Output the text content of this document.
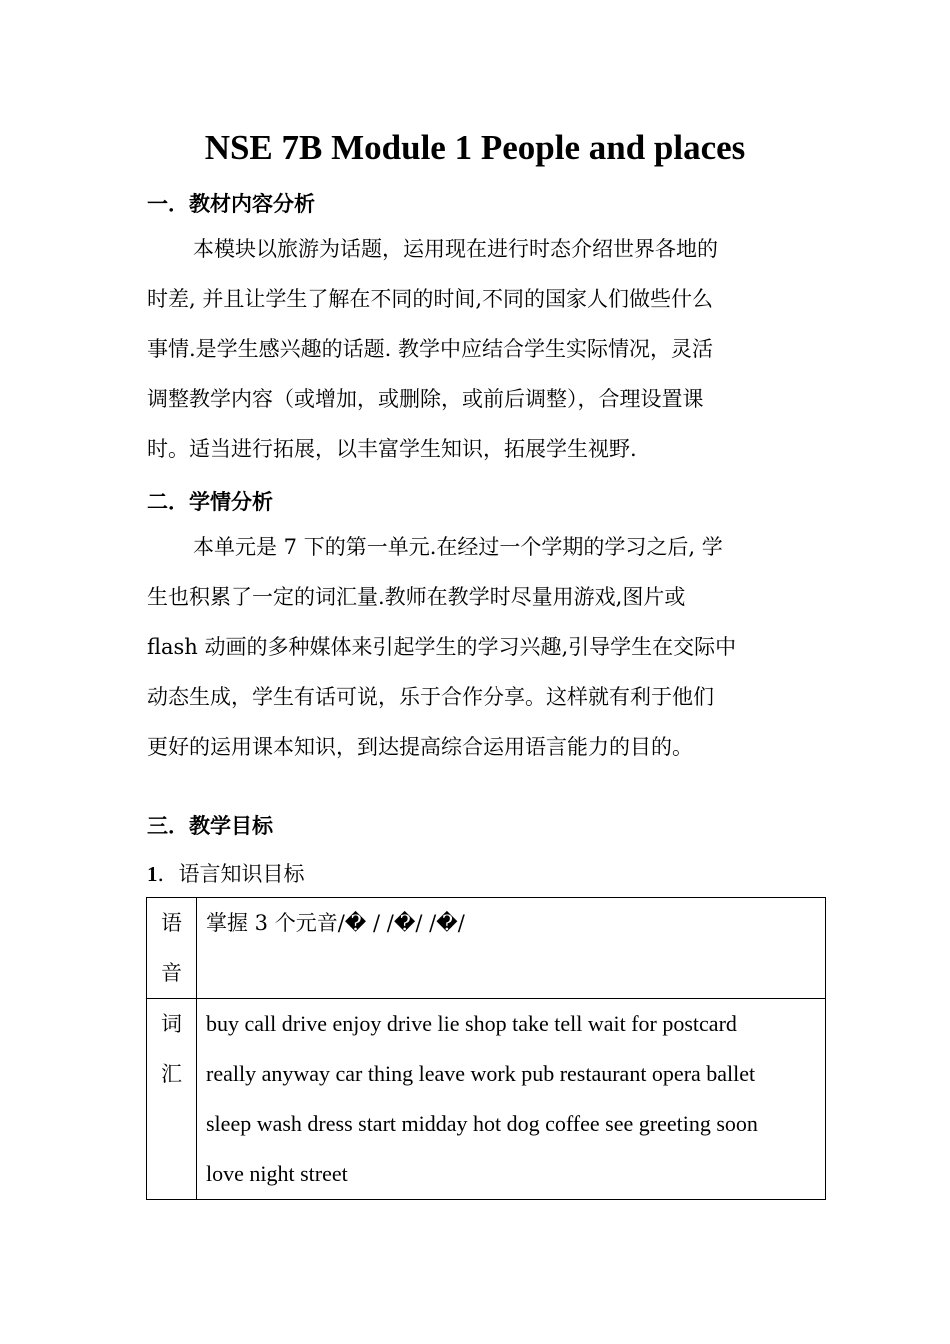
NSE 7B Module 1 People and places
一．教材内容分析
本模块以旅游为话题，运用现在进行时态介绍世界各地的
时差, 并且让学生了解在不同的时间,不同的国家人们做些什么
事情.是学生感兴趣的话题. 教学中应结合学生实际情况，灵活
调整教学内容（或增加，或删除，或前后调整），合理设置课
时。适当进行拓展，以丰富学生知识，拓展学生视野.
二．学情分析
本单元是 7 下的第一单元.在经过一个学期的学习之后, 学
生也积累了一定的词汇量.教师在教学时尽量用游戏,图片或
flash 动画的多种媒体来引起学生的学习兴趣,引导学生在交际中
动态生成，学生有话可说，乐于合作分享。这样就有利于他们
更好的运用课本知识，到达提高综合运用语言能力的目的。
三．教学目标
1．语言知识目标
语
音	掌握 3 个元音/� / /�/ /�/

词
汇	buy call drive enjoy drive lie shop take tell wait for postcard
really anyway car thing leave work pub restaurant opera ballet
sleep wash dress start midday hot dog coffee see greeting soon
love night street
